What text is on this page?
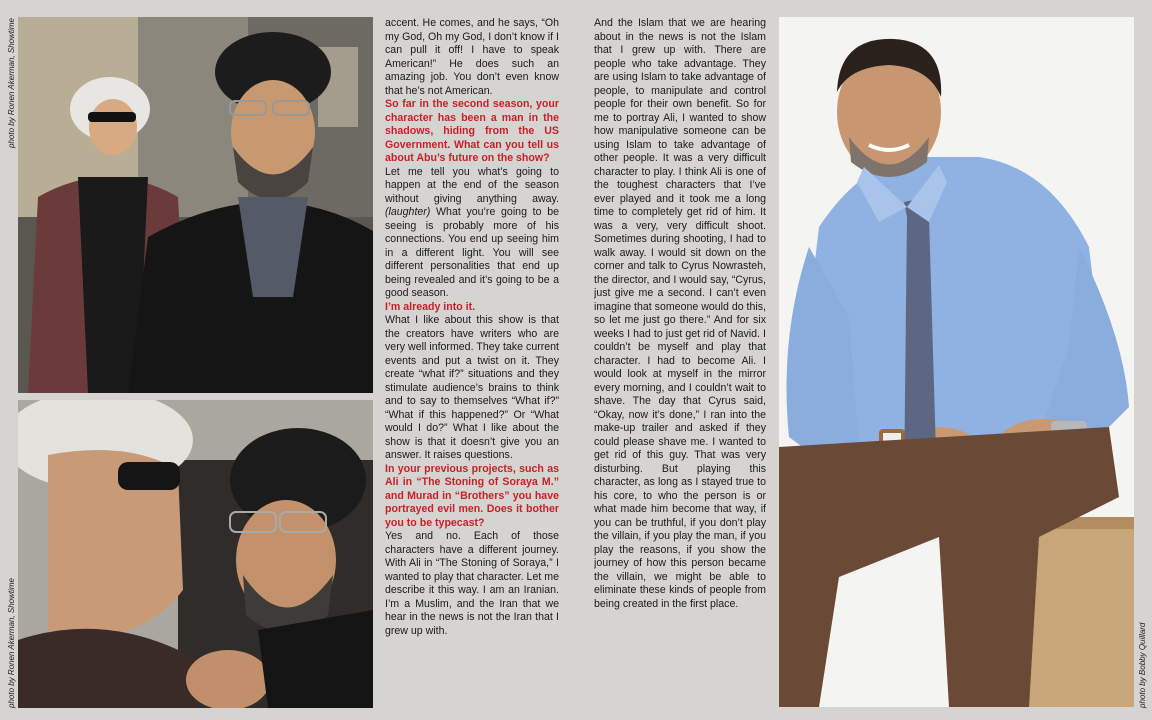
photo by Ronen Akerman, Showtime
photo by Ronen Akerman, Showtime

accent. He comes, and he says, “Oh my God, Oh my God, I don’t know if I can pull it off! I have to speak American!” He does such an amazing job. You don’t even know that he’s not American.

So far in the second season, your character has been a man in the shadows, hiding from the US Government. What can you tell us about Abu’s future on the show?

Let me tell you what’s going to happen at the end of the season without giving anything away. (laughter) What you’re going to be seeing is probably more of his connections. You end up seeing him in a different light. You will see different personalities that end up being revealed and it’s going to be a good season.

I’m already into it.

What I like about this show is that the creators have writers who are very well informed. They take current events and put a twist on it. They create “what if?” situations and they stimulate audience’s brains to think and to say to themselves “What if?” “What if this happened?” Or “What would I do?” What I like about the show is that it doesn’t give you an answer. It raises questions.

In your previous projects, such as Ali in “The Stoning of Soraya M.” and Murad in “Brothers” you have portrayed evil men. Does it bother you to be typecast?

Yes and no. Each of those characters have a different journey. With Ali in “The Stoning of Soraya,” I wanted to play that character. Let me describe it this way. I am an Iranian. I’m a Muslim, and the Iran that we hear in the news is not the Iran that I grew up with.

And the Islam that we are hearing about in the news is not the Islam that I grew up with. There are people who take advantage. They are using Islam to take advantage of people, to manipulate and control people for their own benefit. So for me to portray Ali, I wanted to show how manipulative someone can be using Islam to take advantage of other people. It was a very difficult character to play. I think Ali is one of the toughest characters that I’ve ever played and it took me a long time to completely get rid of him. It was a very, very difficult shoot. Sometimes during shooting, I had to walk away. I would sit down on the corner and talk to Cyrus Nowrasteh, the director, and I would say, “Cyrus, just give me a second. I can’t even imagine that someone would do this, so let me just go there.” And for six weeks I had to just get rid of Navid. I couldn’t be myself and play that character. I had to become Ali. I would look at myself in the mirror every morning, and I couldn’t wait to shave. The day that Cyrus said, “Okay, now it’s done,” I ran into the make-up trailer and asked if they could please shave me. I wanted to get rid of this guy. That was very disturbing. But playing this character, as long as I stayed true to his core, to who the person is or what made him become that way, if you can be truthful, if you don’t play the villain, if you play the man, if you play the reasons, if you show the journey of how this person became the villain, we might be able to eliminate these kinds of people from being created in the first place.

photo by Bobby Quillard
